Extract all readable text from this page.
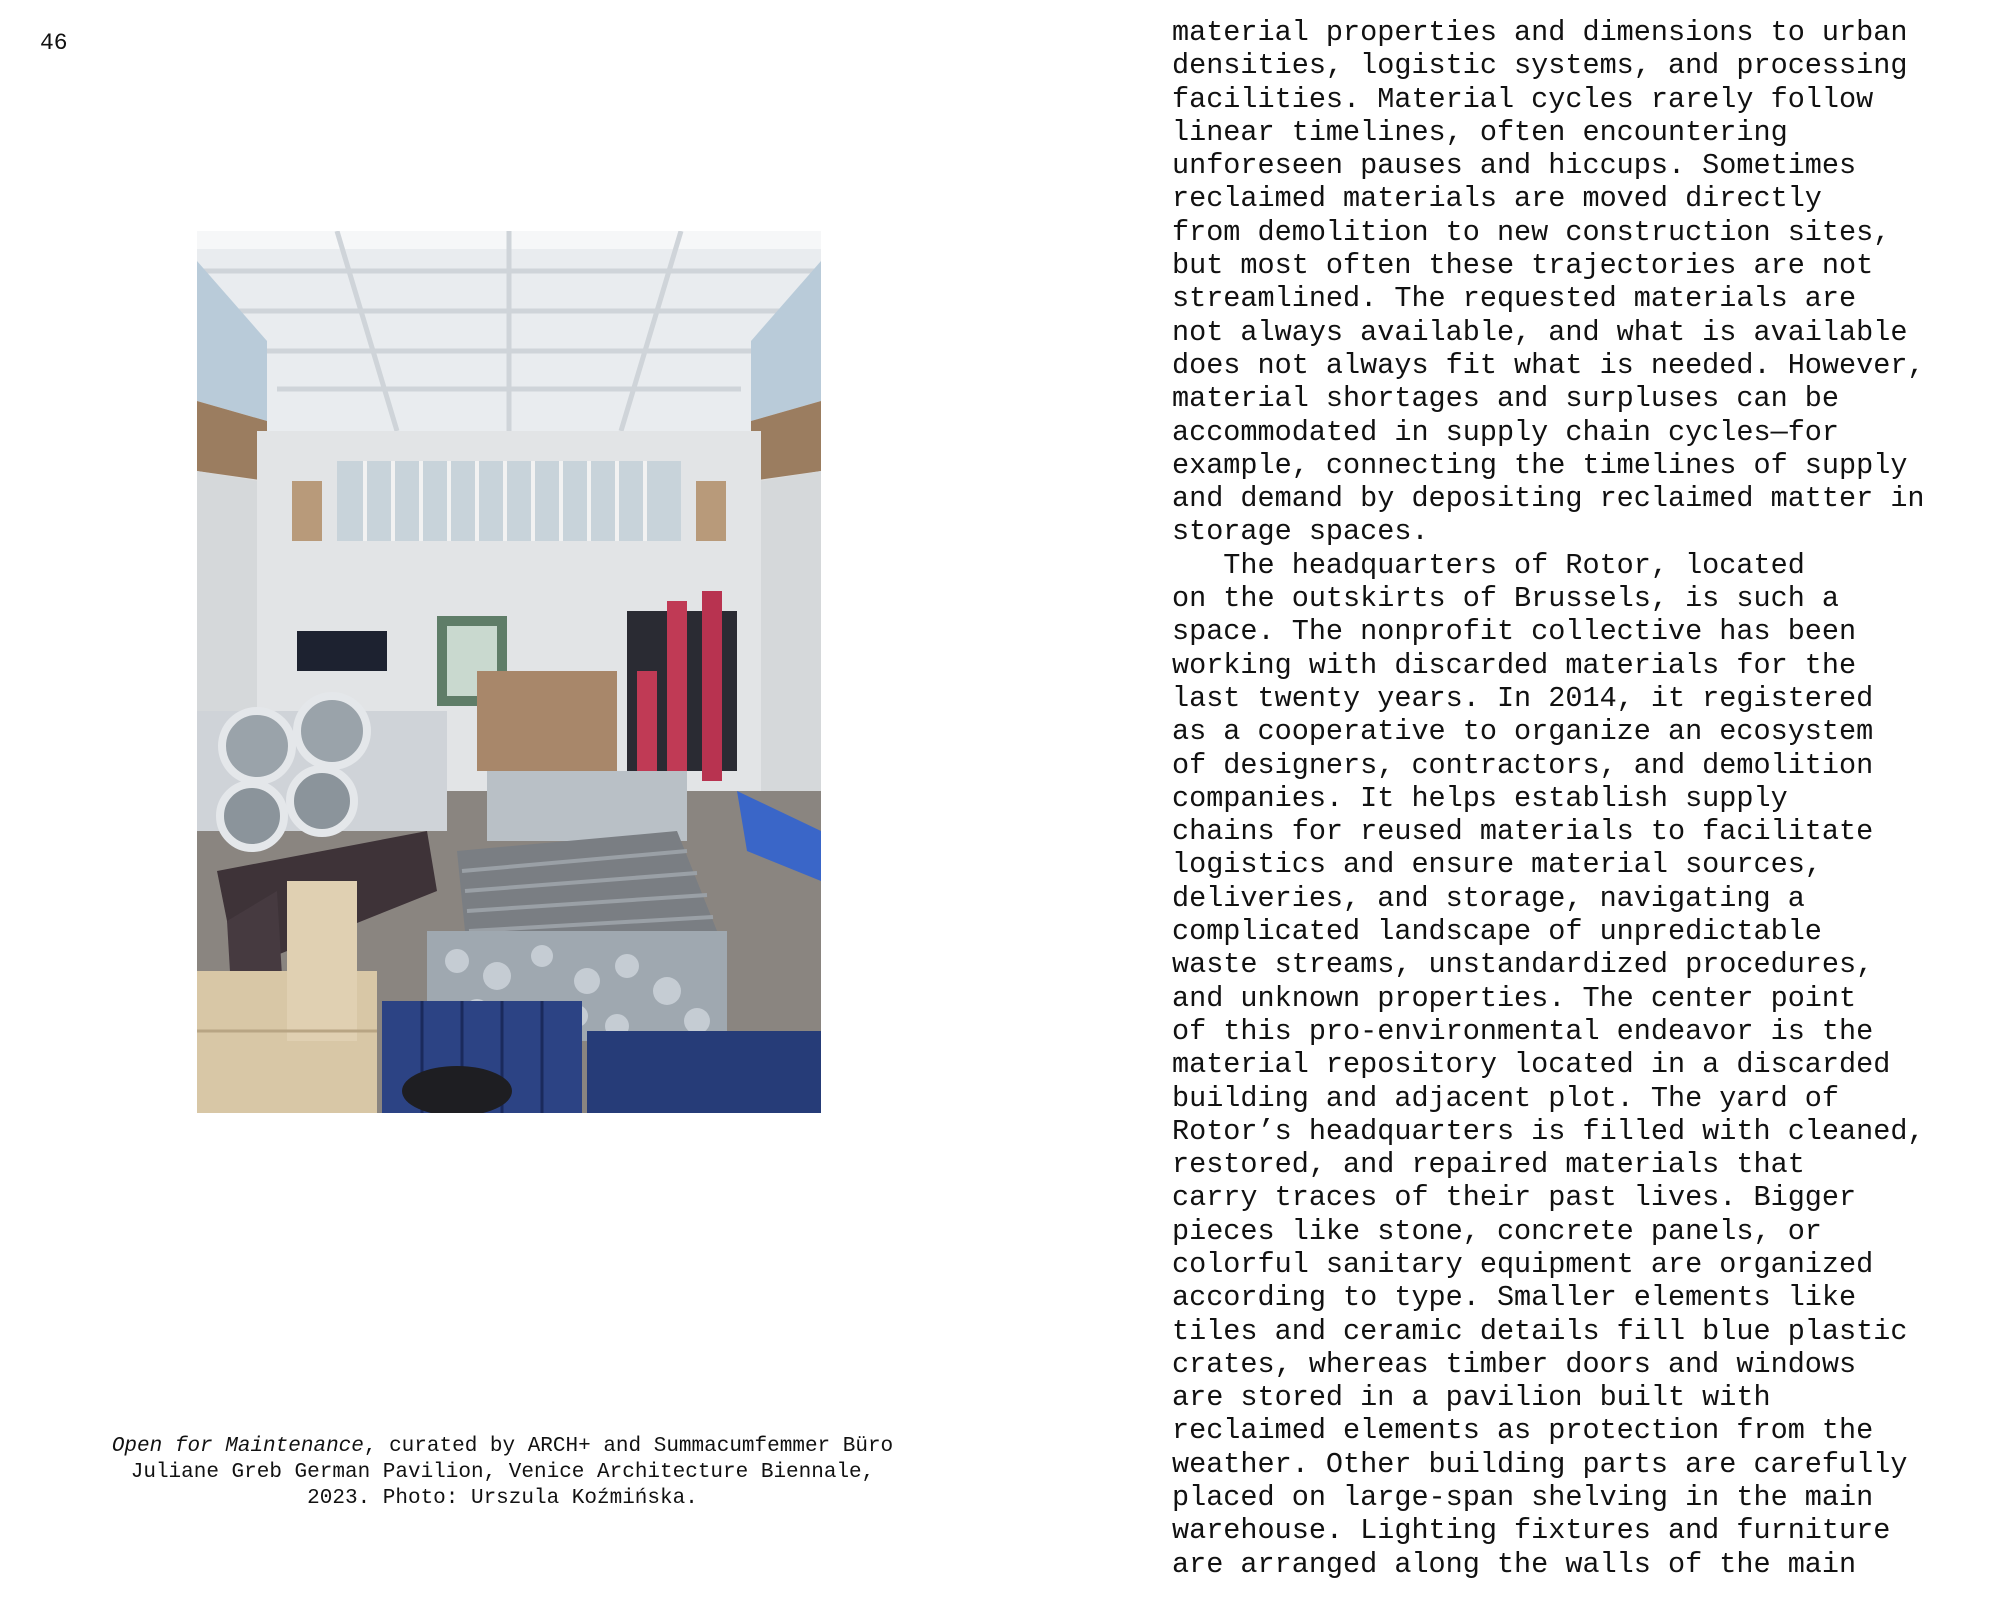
46
Open for Maintenance, curated by ARCH+ and Summacumfemmer Büro
Juliane Greb German Pavilion, Venice Architecture Biennale,
2023. Photo: Urszula Koźmińska.
material properties and dimensions to urban
densities, logistic systems, and processing
facilities. Material cycles rarely follow
linear timelines, often encountering
unforeseen pauses and hiccups. Sometimes
reclaimed materials are moved directly
from demolition to new construction sites,
but most often these trajectories are not
streamlined. The requested materials are
not always available, and what is available
does not always fit what is needed. However,
material shortages and surpluses can be
accommodated in supply chain cycles—for
example, connecting the timelines of supply
and demand by depositing reclaimed matter in
storage spaces.
The headquarters of Rotor, located
on the outskirts of Brussels, is such a
space. The nonprofit collective has been
working with discarded materials for the
last twenty years. In 2014, it registered
as a cooperative to organize an ecosystem
of designers, contractors, and demolition
companies. It helps establish supply
chains for reused materials to facilitate
logistics and ensure material sources,
deliveries, and storage, navigating a
complicated landscape of unpredictable
waste streams, unstandardized procedures,
and unknown properties. The center point
of this pro-environmental endeavor is the
material repository located in a discarded
building and adjacent plot. The yard of
Rotor’s headquarters is filled with cleaned,
restored, and repaired materials that
carry traces of their past lives. Bigger
pieces like stone, concrete panels, or
colorful sanitary equipment are organized
according to type. Smaller elements like
tiles and ceramic details fill blue plastic
crates, whereas timber doors and windows
are stored in a pavilion built with
reclaimed elements as protection from the
weather. Other building parts are carefully
placed on large-span shelving in the main
warehouse. Lighting fixtures and furniture
are arranged along the walls of the main
